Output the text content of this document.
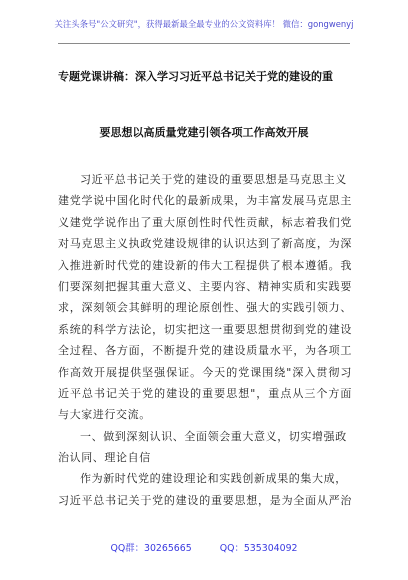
关注头条号"公文研究"，获得最新最全最专业的公文资料库！ 微信：gongwenyj
专题党课讲稿：深入学习习近平总书记关于党的建设的重
要思想以高质量党建引领各项工作高效开展
习近平总书记关于党的建设的重要思想是马克思主义
建党学说中国化时代化的最新成果，为丰富发展马克思主
义建党学说作出了重大原创性时代性贡献，标志着我们党
对马克思主义执政党建设规律的认识达到了新高度，为深
入推进新时代党的建设新的伟大工程提供了根本遵循。我
们要深刻把握其重大意义、主要内容、精神实质和实践要
求，深刻领会其鲜明的理论原创性、强大的实践引领力、
系统的科学方法论，切实把这一重要思想贯彻到党的建设
全过程、各方面，不断提升党的建设质量水平，为各项工
作高效开展提供坚强保证。今天的党课围绕"深入贯彻习
近平总书记关于党的建设的重要思想"，重点从三个方面
与大家进行交流。
一、做到深刻认识、全面领会重大意义，切实增强政
治认同、理论自信
作为新时代党的建设理论和实践创新成果的集大成，
习近平总书记关于党的建设的重要思想，是为全面从严治
QQ群：30265665	QQ：535304092
